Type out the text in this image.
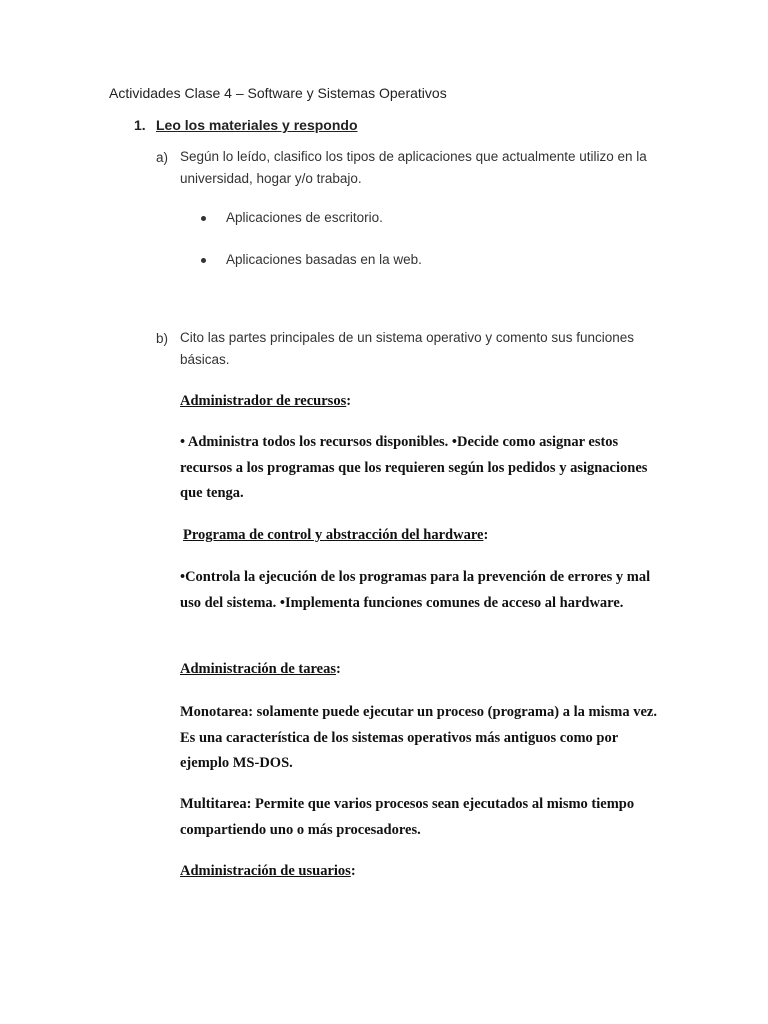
Actividades Clase 4 – Software y Sistemas Operativos
1. Leo los materiales y respondo
a) Según lo leído, clasifico los tipos de aplicaciones que actualmente utilizo en la universidad, hogar y/o trabajo.
Aplicaciones de escritorio.
Aplicaciones basadas en la web.
b) Cito las partes principales de un sistema operativo y comento sus funciones básicas.
Administrador de recursos:
• Administra todos los recursos disponibles. •Decide como asignar estos recursos a los programas que los requieren según los pedidos y asignaciones que tenga.
Programa de control y abstracción del hardware:
•Controla la ejecución de los programas para la prevención de errores y mal uso del sistema. •Implementa funciones comunes de acceso al hardware.
Administración de tareas:
Monotarea: solamente puede ejecutar un proceso (programa) a la misma vez. Es una característica de los sistemas operativos más antiguos como por ejemplo MS-DOS.
Multitarea: Permite que varios procesos sean ejecutados al mismo tiempo compartiendo uno o más procesadores.
Administración de usuarios:
